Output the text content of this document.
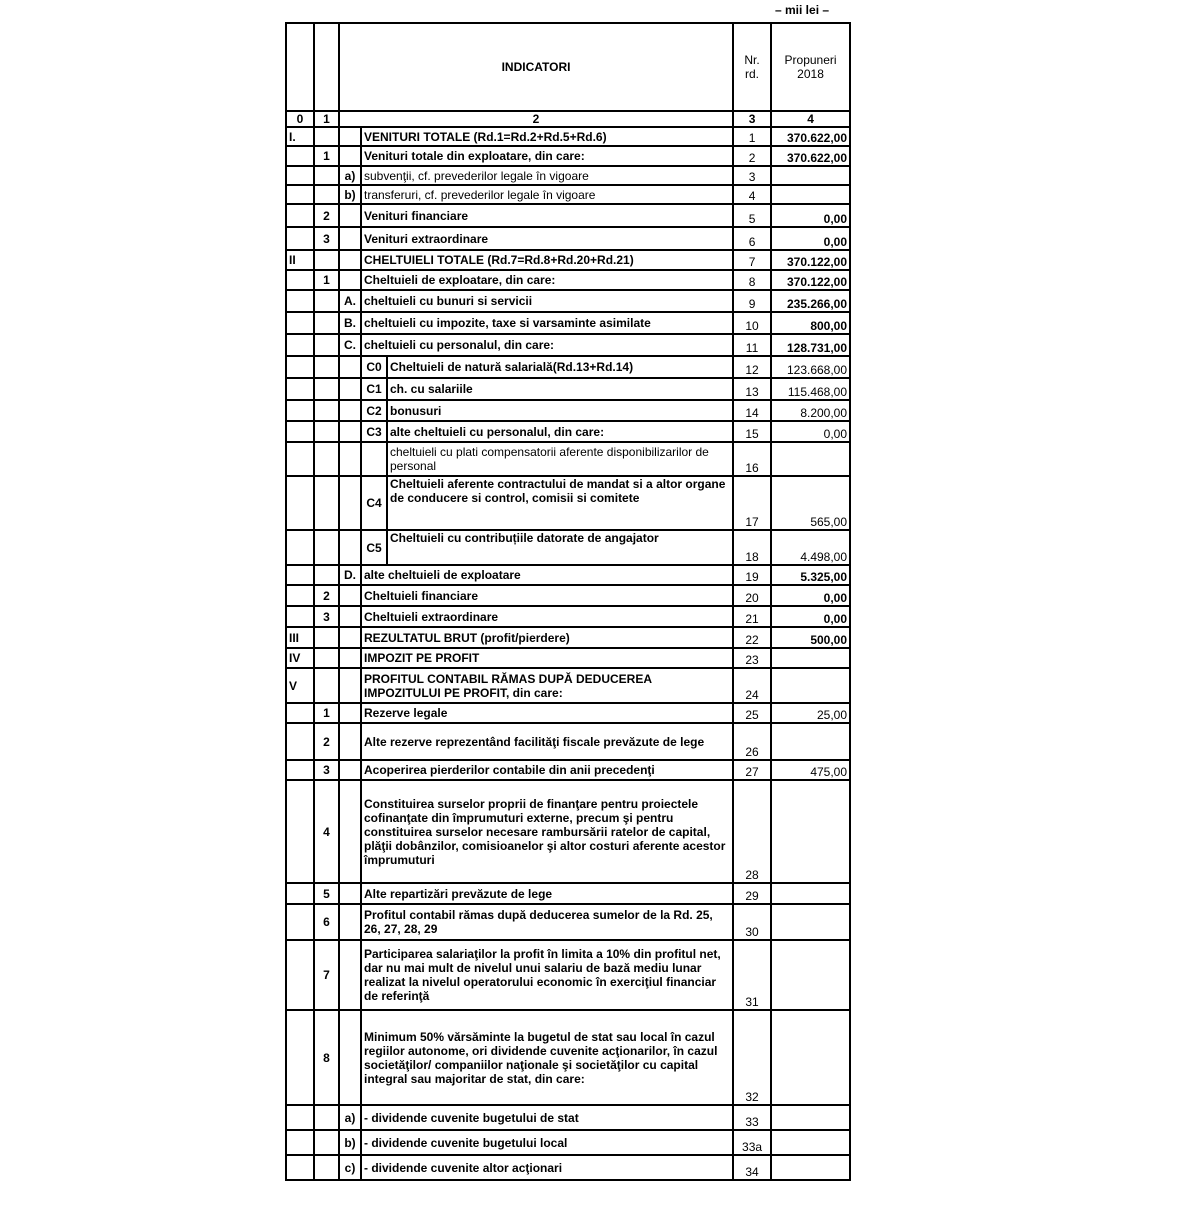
– mii lei –
		INDICATORI			Nr. rd.	Propuneri 2018
0	1	2			3	4
I.			VENITURI TOTALE (Rd.1=Rd.2+Rd.5+Rd.6)		1	370.622,00
	1		Venituri totale din exploatare, din care:		2	370.622,00
		a)	subvenţii, cf. prevederilor legale în vigoare		3	
		b)	transferuri, cf. prevederilor legale în vigoare		4	
	2		Venituri financiare		5	0,00
	3		Venituri extraordinare		6	0,00
II			CHELTUIELI TOTALE (Rd.7=Rd.8+Rd.20+Rd.21)		7	370.122,00
	1		Cheltuieli de exploatare, din care:		8	370.122,00
		A.	cheltuieli cu bunuri si servicii		9	235.266,00
		B.	cheltuieli cu impozite, taxe si varsaminte asimilate		10	800,00
		C.	cheltuieli cu personalul, din care:		11	128.731,00
			C0	Cheltuieli de natură salarială(Rd.13+Rd.14)	12	123.668,00
			C1	ch. cu salariile	13	115.468,00
			C2	bonusuri	14	8.200,00
			C3	alte cheltuieli cu personalul, din care:	15	0,00
				cheltuieli cu plati compensatorii aferente disponibilizarilor de personal	16	
			C4	Cheltuieli aferente contractului de mandat si a altor organe de conducere si control, comisii si comitete	17	565,00
			C5	Cheltuieli cu contribuțiile datorate de angajator	18	4.498,00
		D.	alte cheltuieli de exploatare		19	5.325,00
	2		Cheltuieli financiare		20	0,00
	3		Cheltuieli extraordinare		21	0,00
III			REZULTATUL BRUT (profit/pierdere)		22	500,00
IV			IMPOZIT PE PROFIT		23	
V			PROFITUL CONTABIL RĂMAS DUPĂ DEDUCEREA IMPOZITULUI PE PROFIT, din care:		24	
	1		Rezerve legale		25	25,00
	2		Alte rezerve reprezentând facilităţi fiscale prevăzute de lege		26	
	3		Acoperirea pierderilor contabile din anii precedenţi		27	475,00
	4		Constituirea surselor proprii de finanţare pentru proiectele cofinanţate din împrumuturi externe, precum şi pentru constituirea surselor necesare rambursării ratelor de capital, plăţii dobânzilor, comisioanelor şi altor costuri aferente acestor împrumuturi		28	
	5		Alte repartizări prevăzute de lege		29	
	6		Profitul contabil rămas după deducerea sumelor de la Rd. 25, 26, 27, 28, 29		30	
	7		Participarea salariaţilor la profit în limita a 10% din profitul net, dar nu mai mult de nivelul unui salariu de bază mediu lunar realizat la nivelul operatorului economic în exerciţiul financiar de referinţă		31	
	8		Minimum 50% vărsăminte la bugetul de stat sau local în cazul regiilor autonome, ori dividende cuvenite acţionarilor, în cazul societăţilor/ companiilor naţionale şi societăţilor cu capital integral sau majoritar de stat, din care:		32	
		a)	- dividende cuvenite bugetului de stat		33	
		b)	- dividende cuvenite bugetului local		33a	
		c)	- dividende cuvenite altor acţionari		34	
